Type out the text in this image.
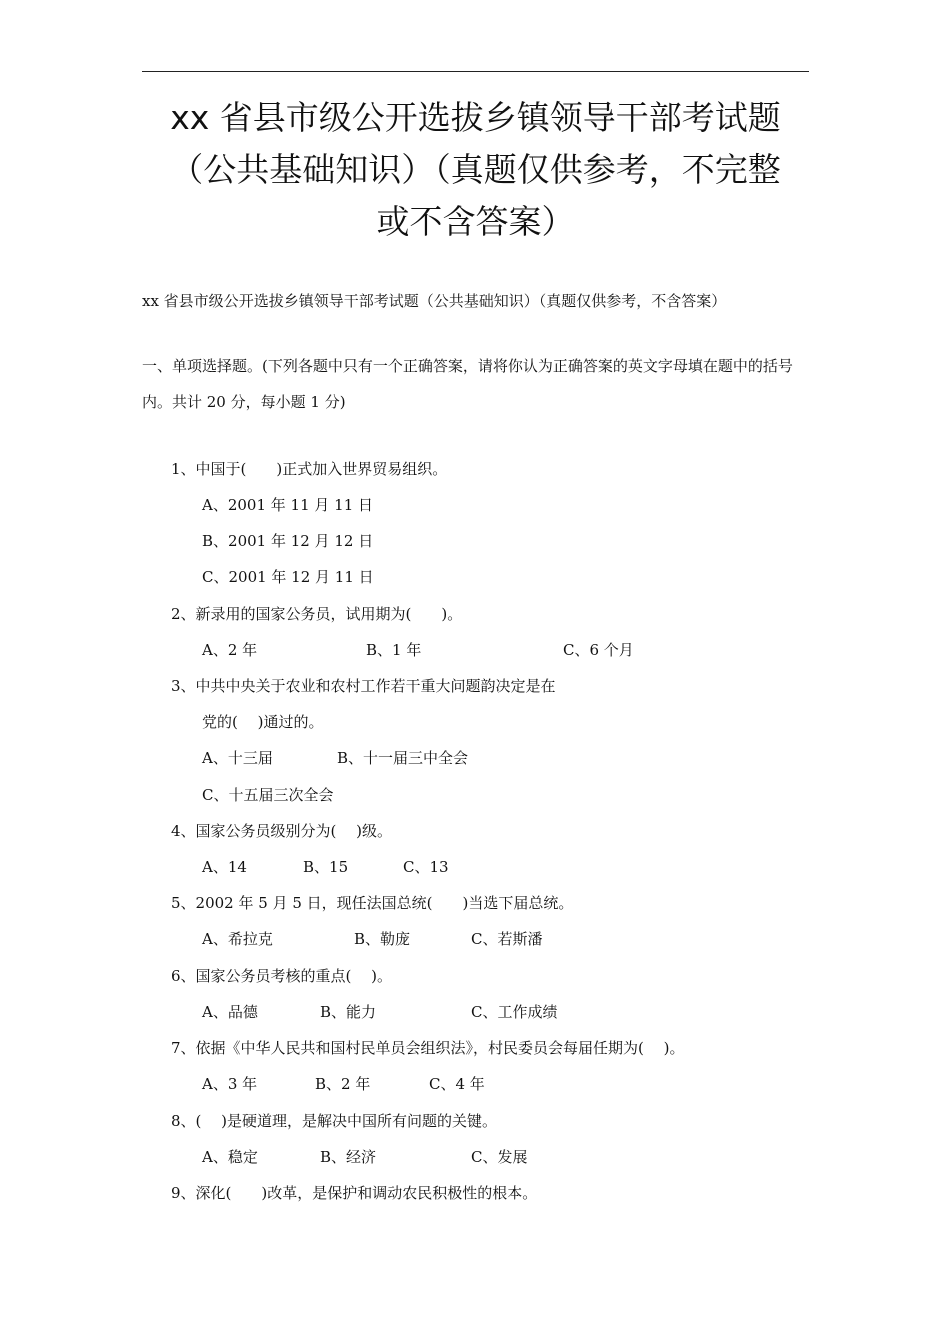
xx 省县市级公开选拔乡镇领导干部考试题
（公共基础知识）（真题仅供参考，不完整
或不含答案）
xx 省县市级公开选拔乡镇领导干部考试题（公共基础知识）（真题仅供参考，不含答案）
一、单项选择题。(下列各题中只有一个正确答案，请将你认为正确答案的英文字母填在题中的括号内。共计 20 分，每小题 1 分)
1、中国于(　　)正式加入世界贸易组织。
A、2001 年 11 月 11 日
B、2001 年 12 月 12 日
C、2001 年 12 月 11 日
2、新录用的国家公务员，试用期为(　　)。
A、2 年	B、1 年	C、6 个月
3、中共中央关于农业和农村工作若干重大问题韵决定是在
党的(　 )通过的。
A、十三届	B、十一届三中全会
C、十五届三次全会
4、国家公务员级别分为(　 )级。
A、14	B、15	C、13
5、2002 年 5 月 5 日，现任法国总统(　　)当选下届总统。
A、希拉克	B、勒庞	C、若斯潘
6、国家公务员考核的重点(　 )。
A、品德	B、能力	C、工作成绩
7、依据《中华人民共和国村民单员会组织法》，村民委员会每届任期为(　 )。
A、3 年	B、2 年	C、4 年
8、(　 )是硬道理，是解决中国所有问题的关键。
A、稳定	B、经济	C、发展
9、深化(　　)改革，是保护和调动农民积极性的根本。
